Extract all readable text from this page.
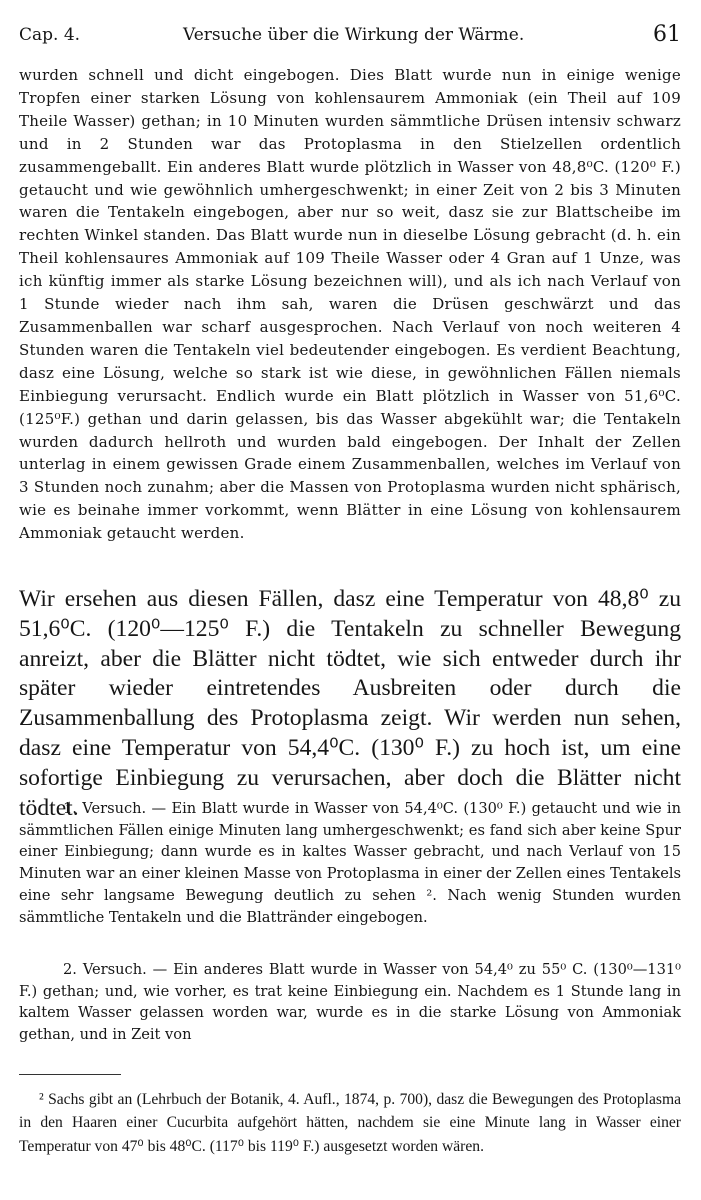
Cap. 4.	Versuche über die Wirkung der Wärme.	61
wurden schnell und dicht eingebogen. Dies Blatt wurde nun in einige wenige Tropfen einer starken Lösung von kohlensaurem Ammoniak (ein Theil auf 109 Theile Wasser) gethan; in 10 Minuten wurden sämmtliche Drüsen intensiv schwarz und in 2 Stunden war das Protoplasma in den Stielzellen ordentlich zusammengeballt. Ein anderes Blatt wurde plötzlich in Wasser von 48,8⁰C. (120⁰ F.) getaucht und wie gewöhnlich umhergeschwenkt; in einer Zeit von 2 bis 3 Minuten waren die Tentakeln eingebogen, aber nur so weit, dasz sie zur Blattscheibe im rechten Winkel standen. Das Blatt wurde nun in dieselbe Lösung gebracht (d. h. ein Theil kohlensaures Ammoniak auf 109 Theile Wasser oder 4 Gran auf 1 Unze, was ich künftig immer als starke Lösung bezeichnen will), und als ich nach Verlauf von 1 Stunde wieder nach ihm sah, waren die Drüsen geschwärzt und das Zusammenballen war scharf ausgesprochen. Nach Verlauf von noch weiteren 4 Stunden waren die Tentakeln viel bedeutender eingebogen. Es verdient Beachtung, dasz eine Lösung, welche so stark ist wie diese, in gewöhnlichen Fällen niemals Einbiegung verursacht. Endlich wurde ein Blatt plötzlich in Wasser von 51,6⁰C. (125⁰F.) gethan und darin gelassen, bis das Wasser abgekühlt war; die Tentakeln wurden dadurch hellroth und wurden bald eingebogen. Der Inhalt der Zellen unterlag in einem gewissen Grade einem Zusammenballen, welches im Verlauf von 3 Stunden noch zunahm; aber die Massen von Protoplasma wurden nicht sphärisch, wie es beinahe immer vorkommt, wenn Blätter in eine Lösung von kohlensaurem Ammoniak getaucht werden.
Wir ersehen aus diesen Fällen, dasz eine Temperatur von 48,8⁰ zu 51,6⁰C. (120⁰—125⁰ F.) die Tentakeln zu schneller Bewegung anreizt, aber die Blätter nicht tödtet, wie sich entweder durch ihr später wieder eintretendes Ausbreiten oder durch die Zusammenballung des Protoplasma zeigt. Wir werden nun sehen, dasz eine Temperatur von 54,4⁰C. (130⁰ F.) zu hoch ist, um eine sofortige Einbiegung zu verursachen, aber doch die Blätter nicht tödtet.
1. Versuch. — Ein Blatt wurde in Wasser von 54,4⁰C. (130⁰ F.) getaucht und wie in sämmtlichen Fällen einige Minuten lang umhergeschwenkt; es fand sich aber keine Spur einer Einbiegung; dann wurde es in kaltes Wasser gebracht, und nach Verlauf von 15 Minuten war an einer kleinen Masse von Protoplasma in einer der Zellen eines Tentakels eine sehr langsame Bewegung deutlich zu sehen ². Nach wenig Stunden wurden sämmtliche Tentakeln und die Blattränder eingebogen.
2. Versuch. — Ein anderes Blatt wurde in Wasser von 54,4⁰ zu 55⁰ C. (130⁰—131⁰ F.) gethan; und, wie vorher, es trat keine Einbiegung ein. Nachdem es 1 Stunde lang in kaltem Wasser gelassen worden war, wurde es in die starke Lösung von Ammoniak gethan, und in Zeit von
² Sachs gibt an (Lehrbuch der Botanik, 4. Aufl., 1874, p. 700), dasz die Bewegungen des Protoplasma in den Haaren einer Cucurbita aufgehört hätten, nachdem sie eine Minute lang in Wasser einer Temperatur von 47⁰ bis 48⁰C. (117⁰ bis 119⁰ F.) ausgesetzt worden wären.
